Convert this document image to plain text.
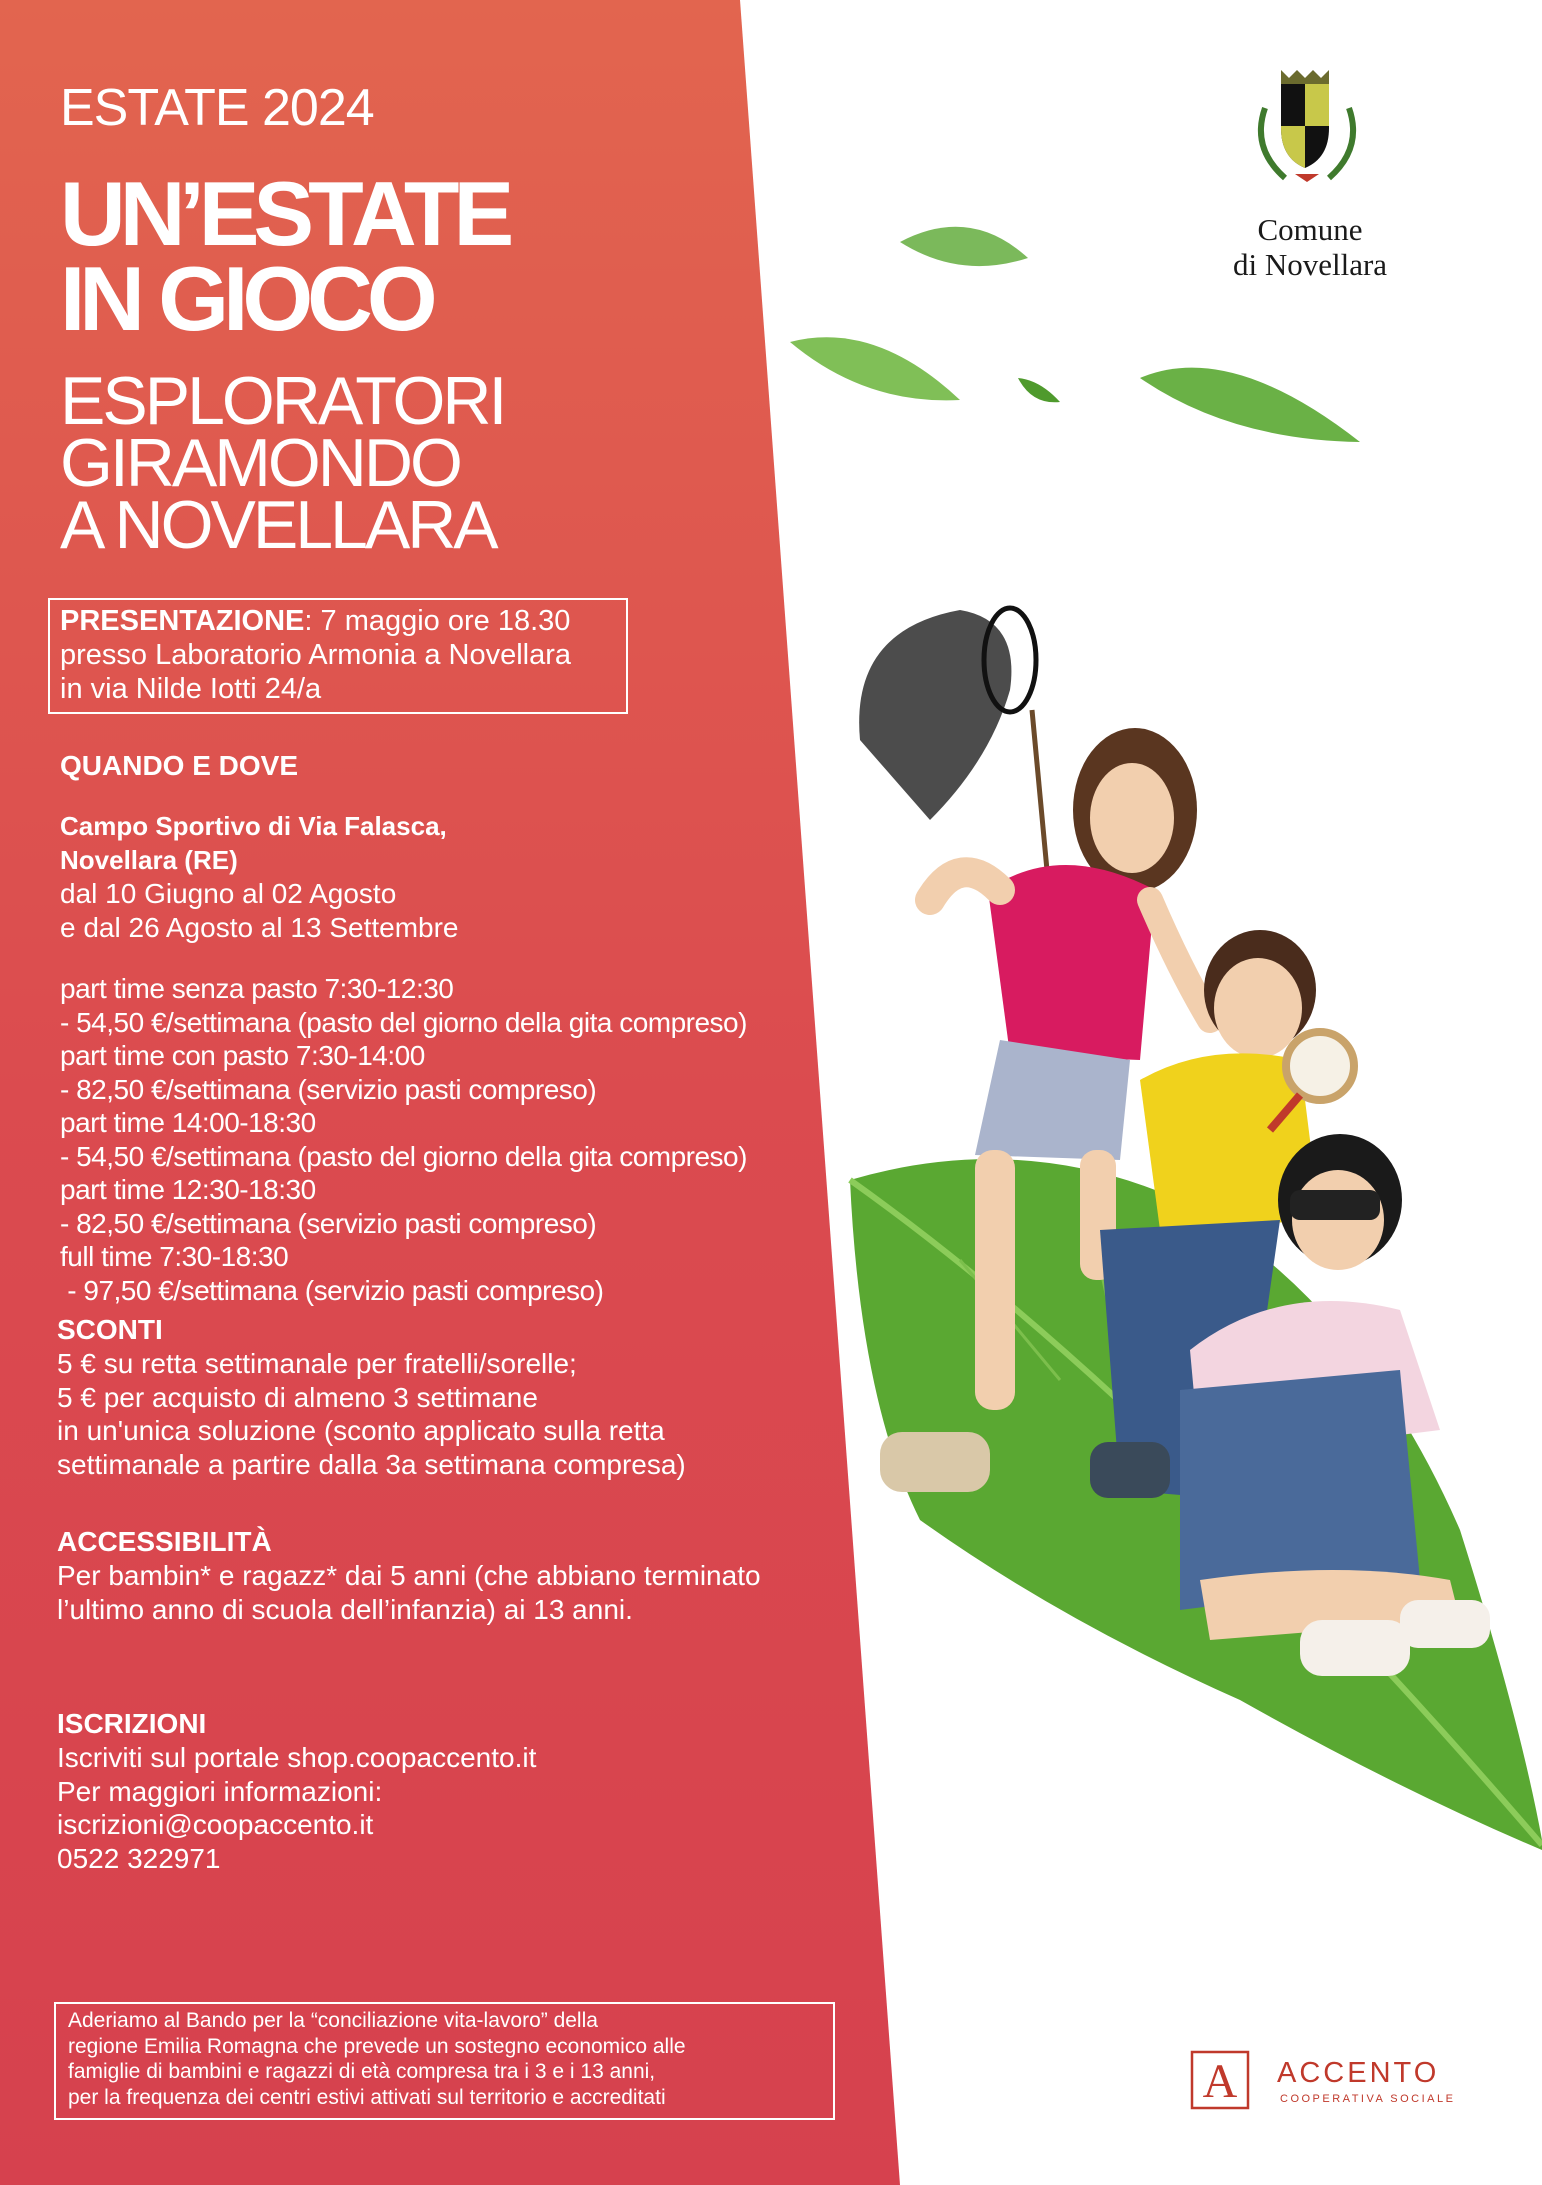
Comune
di Novellara
ESTATE 2024
UN’ESTATE
IN GIOCO
ESPLORATORI
GIRAMONDO
A NOVELLARA
PRESENTAZIONE: 7 maggio ore 18.30
presso Laboratorio Armonia a Novellara
in via Nilde Iotti 24/a
QUANDO E DOVE
Campo Sportivo di Via Falasca,
Novellara (RE)
dal 10 Giugno al 02 Agosto
e dal 26 Agosto al 13 Settembre
part time senza pasto 7:30-12:30
- 54,50 €/settimana (pasto del giorno della gita compreso)
part time con pasto 7:30-14:00
- 82,50 €/settimana (servizio pasti compreso)
part time 14:00-18:30
- 54,50 €/settimana (pasto del giorno della gita compreso)
part time 12:30-18:30
- 82,50 €/settimana (servizio pasti compreso)
full time 7:30-18:30
- 97,50 €/settimana (servizio pasti compreso)
SCONTI
5 € su retta settimanale per fratelli/sorelle;
5 € per acquisto di almeno 3 settimane
in un'unica soluzione (sconto applicato sulla retta
settimanale a partire dalla 3a settimana compresa)
ACCESSIBILITÀ
Per bambin* e ragazz* dai 5 anni (che abbiano terminato
l’ultimo anno di scuola dell’infanzia) ai 13 anni.
ISCRIZIONI
Iscriviti sul portale shop.coopaccento.it
Per maggiori informazioni:
iscrizioni@coopaccento.it
0522 322971
Aderiamo al Bando per la “conciliazione vita-lavoro” della
regione Emilia Romagna che prevede un sostegno economico alle
famiglie di bambini e ragazzi di età compresa tra i 3 e i 13 anni,
per la frequenza dei centri estivi attivati sul territorio e accreditati	A ACCENTO
COOPERATIVA SOCIALE
